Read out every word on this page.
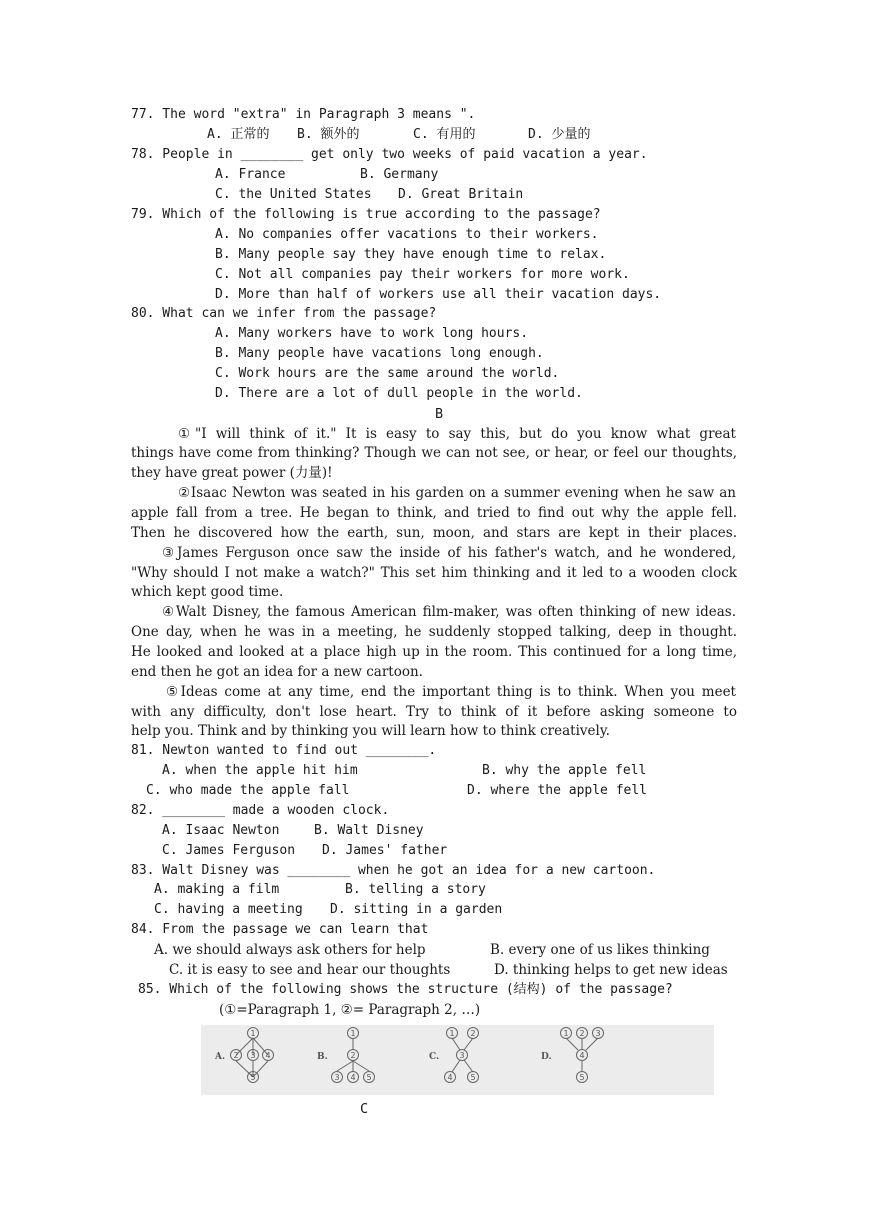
77. The word "extra" in Paragraph 3 means ".
A. 正常的 B. 额外的	C. 有用的	D. 少量的
78. People in ________ get only two weeks of paid vacation a year.
A. France	B. Germany
C. the United States D. Great Britain
79. Which of the following is true according to the passage?
A. No companies offer vacations to their workers.
B. Many people say they have enough time to relax.
C. Not all companies pay their workers for more work.
D. More than half of workers use all their vacation days.
80. What can we infer from the passage?
A. Many workers have to work long hours.
B. Many people have vacations long enough.
C. Work hours are the same around the world.
D. There are a lot of dull people in the world.
B
①"I will think of it." It is easy to say this, but do you know what great
things have come from thinking? Though we can not see, or hear, or feel our thoughts,
they have great power (力量)!
②Isaac Newton was seated in his garden on a summer evening when he saw an
apple fall from a tree. He began to think, and tried to find out why the apple fell.
Then he discovered how the earth, sun, moon, and stars are kept in their places.
③James Ferguson once saw the inside of his father's watch, and he wondered,
"Why should I not make a watch?" This set him thinking and it led to a wooden clock
which kept good time.
④Walt Disney, the famous American film-maker, was often thinking of new ideas.
One day, when he was in a meeting, he suddenly stopped talking, deep in thought.
He looked and looked at a place high up in the room. This continued for a long time,
end then he got an idea for a new cartoon.
⑤Ideas come at any time, end the important thing is to think. When you meet
with any difficulty, don't lose heart. Try to think of it before asking someone to
help you. Think and by thinking you will learn how to think creatively.
81. Newton wanted to find out ________.
A. when the apple hit him	B. why the apple fell
C. who made the apple fall	D. where the apple fell
82. ________ made a wooden clock.
A. Isaac Newton	B. Walt Disney
C. James Ferguson D. James' father
83. Walt Disney was ________ when he got an idea for a new cartoon.
A. making a film	B. telling a story
C. having a meeting D. sitting in a garden
84. From the passage we can learn that
A. we should always ask others for help	B. every one of us likes thinking
C. it is easy to see and hear our thoughts	D. thinking helps to get new ideas
85. Which of the following shows the structure (结构) of the passage?
(①=Paragraph 1, ②= Paragraph 2, …)
A.
1
2 3 4
5
B.
1
2
3 4 5
C.
1 2
3
4 5
D.
1 2 3
4
5
C
